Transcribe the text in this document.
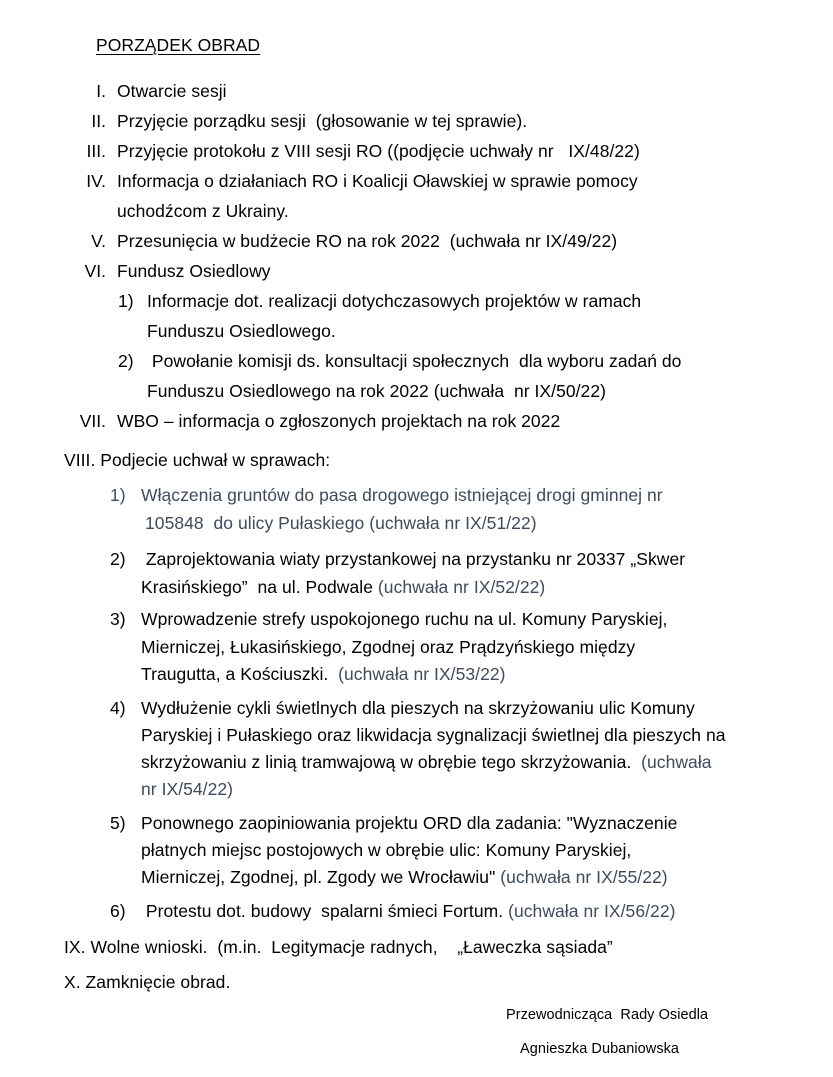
PORZĄDEK OBRAD
I. Otwarcie sesji
II. Przyjęcie porządku sesji  (głosowanie w tej sprawie).
III. Przyjęcie protokołu z VIII sesji RO ((podjęcie uchwały nr   IX/48/22)
IV. Informacja o działaniach RO i Koalicji Oławskiej w sprawie pomocy
uchodźcom z Ukrainy.
V. Przesunięcia w budżecie RO na rok 2022  (uchwała nr IX/49/22)
VI. Fundusz Osiedlowy
1) Informacje dot. realizacji dotychczasowych projektów w ramach
Funduszu Osiedlowego.
2) Powołanie komisji ds. konsultacji społecznych  dla wyboru zadań do
Funduszu Osiedlowego na rok 2022 (uchwała  nr IX/50/22)
VII. WBO – informacja o zgłoszonych projektach na rok 2022
VIII. Podjecie uchwał w sprawach:
1) Włączenia gruntów do pasa drogowego istniejącej drogi gminnej nr
105848  do ulicy Pułaskiego (uchwała nr IX/51/22)
2) Zaprojektowania wiaty przystankowej na przystanku nr 20337 „Skwer
Krasińskiego”  na ul. Podwale (uchwała nr IX/52/22)
3) Wprowadzenie strefy uspokojonego ruchu na ul. Komuny Paryskiej,
Mierniczej, Łukasińskiego, Zgodnej oraz Prądzyńskiego między
Traugutta, a Kościuszki.  (uchwała nr IX/53/22)
4) Wydłużenie cykli świetlnych dla pieszych na skrzyżowaniu ulic Komuny
Paryskiej i Pułaskiego oraz likwidacja sygnalizacji świetlnej dla pieszych na
skrzyżowaniu z linią tramwajową w obrębie tego skrzyżowania.  (uchwała
nr IX/54/22)
5) Ponownego zaopiniowania projektu ORD dla zadania: "Wyznaczenie
płatnych miejsc postojowych w obrębie ulic: Komuny Paryskiej,
Mierniczej, Zgodnej, pl. Zgody we Wrocławiu" (uchwała nr IX/55/22)
6) Protestu dot. budowy  spalarni śmieci Fortum. (uchwała nr IX/56/22)
IX. Wolne wnioski.  (m.in.  Legitymacje radnych,    „Ławeczka sąsiada”
X. Zamknięcie obrad.
Przewodnicząca  Rady Osiedla
Agnieszka Dubaniowska
